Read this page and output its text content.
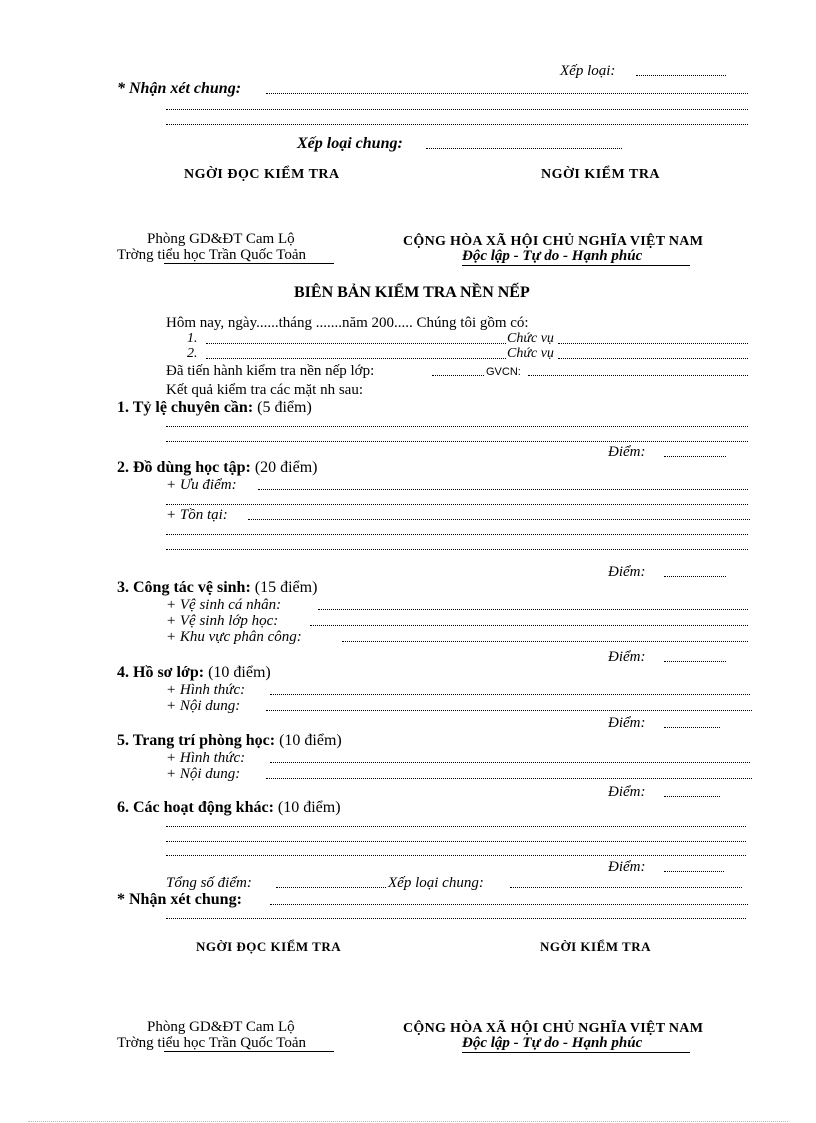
Xếp loại:
* Nhận xét chung:
Xếp loại chung:
NGỜI ĐỌC KIỂM TRA	NGỜI KIỂM TRA
Phòng GD&ĐT Cam Lộ
Trờng tiểu học Trần Quốc Toản
CỘNG HÒA XÃ HỘI CHỦ NGHĨA VIỆT NAM
Độc lập - Tự do - Hạnh phúc
BIÊN BẢN KIỂM TRA NỀN NẾP
Hôm nay, ngày......tháng .......năm 200..... Chúng tôi gồm có:
1.	Chức vụ
2.	Chức vụ
Đã tiến hành kiểm tra nền nếp lớp:	GVCN:
Kết quả kiểm tra các mặt nh sau:
1. Tỷ lệ chuyên cần: (5 điểm)
Điểm:
2. Đồ dùng học tập: (20 điểm)
+ Ưu điểm:
+ Tồn tại:
Điểm:
3. Công tác vệ sinh: (15 điểm)
+ Vệ sinh cá nhân:
+ Vệ sinh lớp học:
+ Khu vực phân công:
Điểm:
4. Hồ sơ lớp: (10 điểm)
+ Hình thức:
+ Nội dung:
Điểm:
5. Trang trí phòng học: (10 điểm)
+ Hình thức:
+ Nội dung:
Điểm:
6. Các hoạt động khác: (10 điểm)
Điểm:
Tổng số điểm:	Xếp loại chung:
* Nhận xét chung:
NGỜI ĐỌC KIỂM TRA	NGỜI KIỂM TRA
Phòng GD&ĐT Cam Lộ
Trờng tiểu học Trần Quốc Toản
CỘNG HÒA XÃ HỘI CHỦ NGHĨA VIỆT NAM
Độc lập - Tự do - Hạnh phúc
